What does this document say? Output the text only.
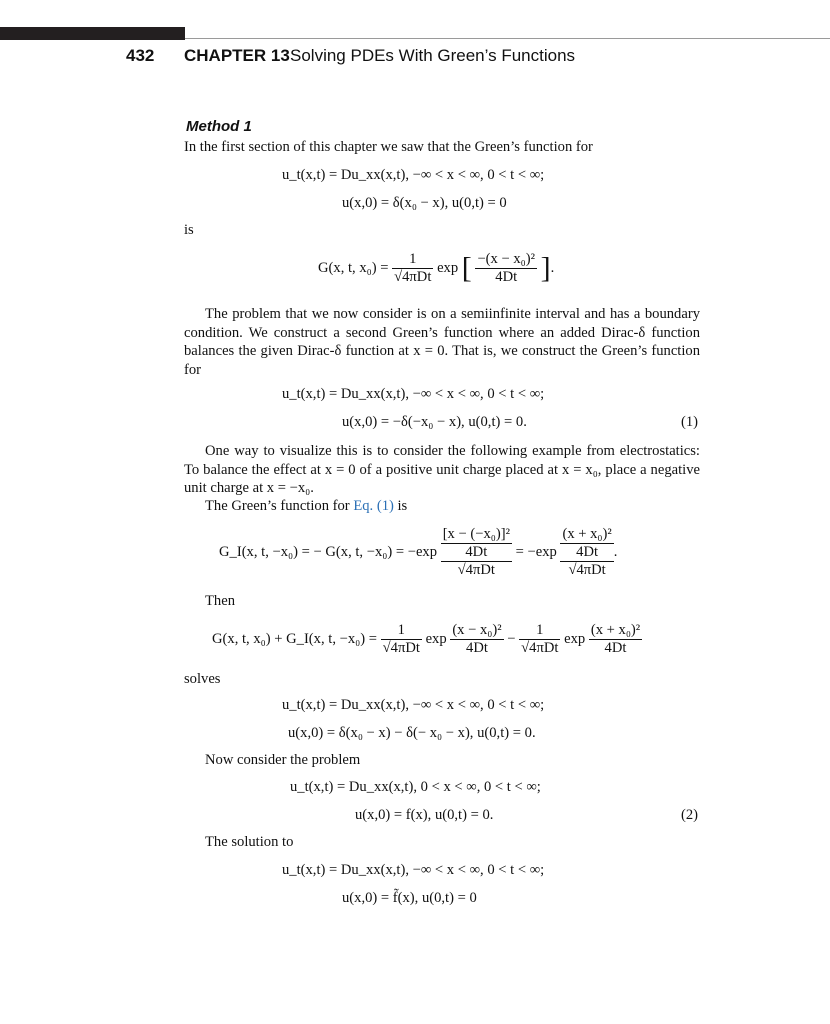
432 CHAPTER 13 Solving PDEs With Green’s Functions
Method 1
In the first section of this chapter we saw that the Green’s function for
u_t(x,t) = Du_xx(x,t), −∞ < x < ∞, 0 < t < ∞;
u(x,0) = δ(x₀ − x), u(0,t) = 0
is
G(x, t, $x_0) = \frac{1}{\text{√4πDt}}$ exp [ $\frac{\text{−(x − x₀)²}}{4Dt}$ ].
The problem that we now consider is on a semiinfinite interval and has a boundary condition. We construct a second Green’s function where an added Dirac-δ function balances the given Dirac-δ function at x = 0. That is, we construct the Green’s function for
u_t(x,t) = Du_xx(x,t), −∞ < x < ∞, 0 < t < ∞;
u(x,0) = −δ(−x₀ − x), u(0,t) = 0.	(1)
One way to visualize this is to consider the following example from electrostatics: To balance the effect at x = 0 of a positive unit charge placed at x = x₀, place a negative unit charge at x = −x₀.
The Green’s function for Eq. (1) is
G_I(x, t, −x₀) = − G(x, t, −x₀) = −exp
[x − (−x₀)]²
4Dt
√4πDt
= −exp
(x + x₀)²
4Dt
√4πDt
.
Then
G(x, t, x₀) + G_I(x, t, $-x_0) = \frac{1}{\text{√4πDt}}$ $\exp \frac{\text{(x − x₀)²}}{4Dt} - \frac{1}{\text{√4πDt}}$ $\exp \frac{\text{(x + x₀)²}}{4Dt}$
solves
u_t(x,t) = Du_xx(x,t), −∞ < x < ∞, 0 < t < ∞;
u(x,0) = δ(x₀ − x) − δ(− x₀ − x), u(0,t) = 0.
Now consider the problem
u_t(x,t) = Du_xx(x,t), 0 < x < ∞, 0 < t < ∞;
u(x,0) = f(x), u(0,t) = 0.	(2)
The solution to
u_t(x,t) = Du_xx(x,t), −∞ < x < ∞, 0 < t < ∞;
u(x,0) = f̃(x), u(0,t) = 0
